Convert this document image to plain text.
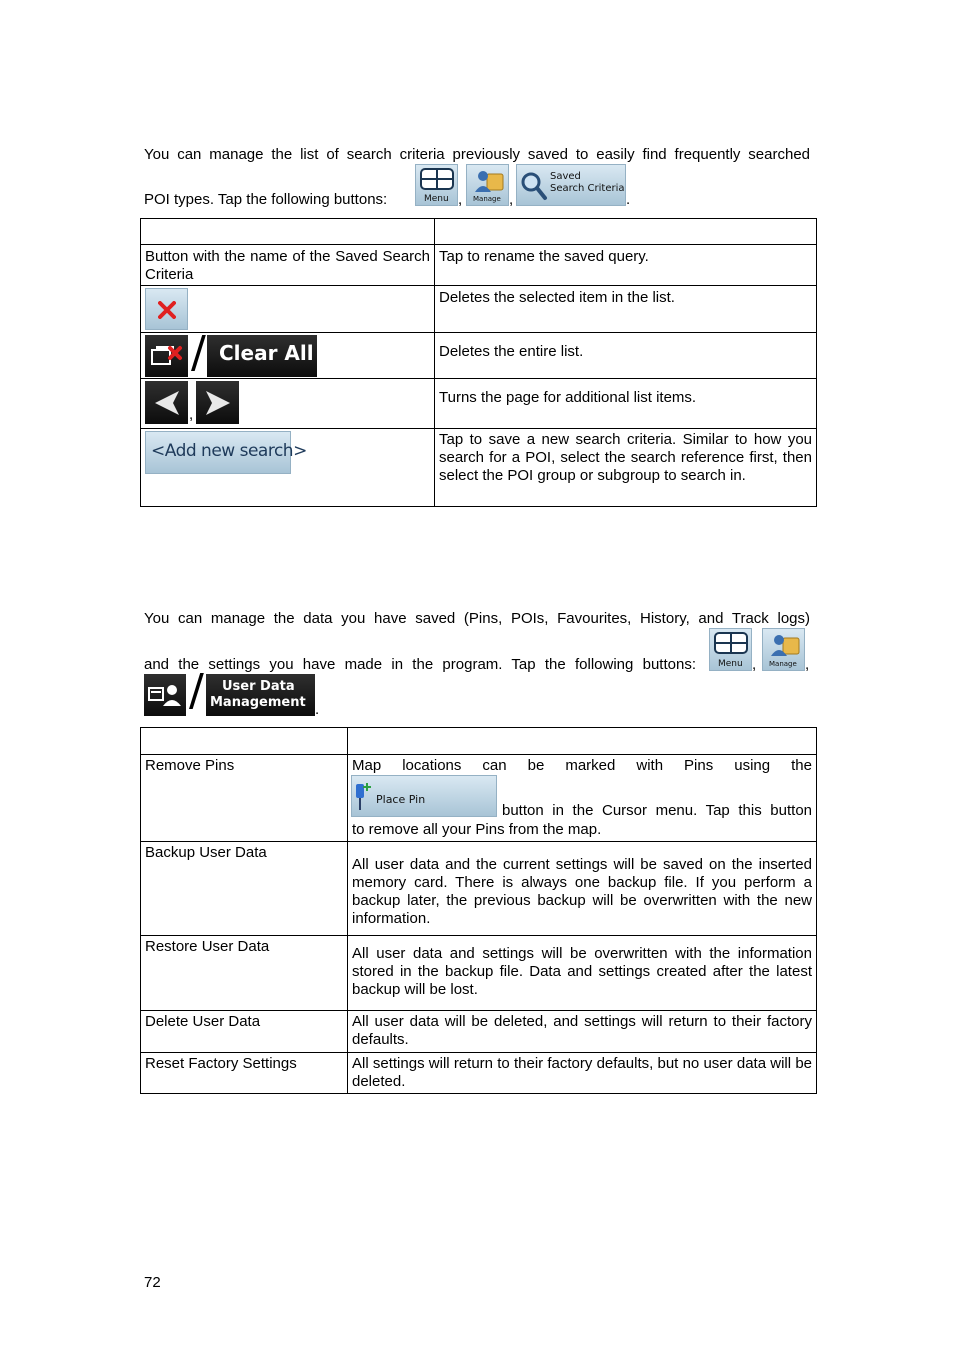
You can manage the list of search criteria previously saved to easily find frequently searched
POI types. Tap the following buttons:	Menu , Manage ,
Saved
Search Criteria
.

Button with the name of the Saved Search Criteria	Tap to rename the saved query.

Deletes the selected item in the list.

/ Clear All	Deletes the entire list.

,	Turns the page for additional list items.

<Add new search>	Tap to save a new search criteria. Similar to how you search for a POI, select the search reference first, then select the POI group or subgroup to search in.
You can manage the data you have saved (Pins, POIs, Favourites, History, and Track logs)
and the settings you have made in the program. Tap the following buttons: Menu , Manage ,
/ User Data
Management .

Remove Pins	Map locations can be marked with Pins using the
Place Pin
button in the Cursor menu. Tap this button
to remove all your Pins from the map.

Backup User Data	All user data and the current settings will be saved on the inserted memory card. There is always one backup file. If you perform a backup later, the previous backup will be overwritten with the new information.

Restore User Data	All user data and settings will be overwritten with the information stored in the backup file. Data and settings created after the latest backup will be lost.

Delete User Data	All user data will be deleted, and settings will return to their factory defaults.

Reset Factory Settings	All settings will return to their factory defaults, but no user data will be deleted.
72
